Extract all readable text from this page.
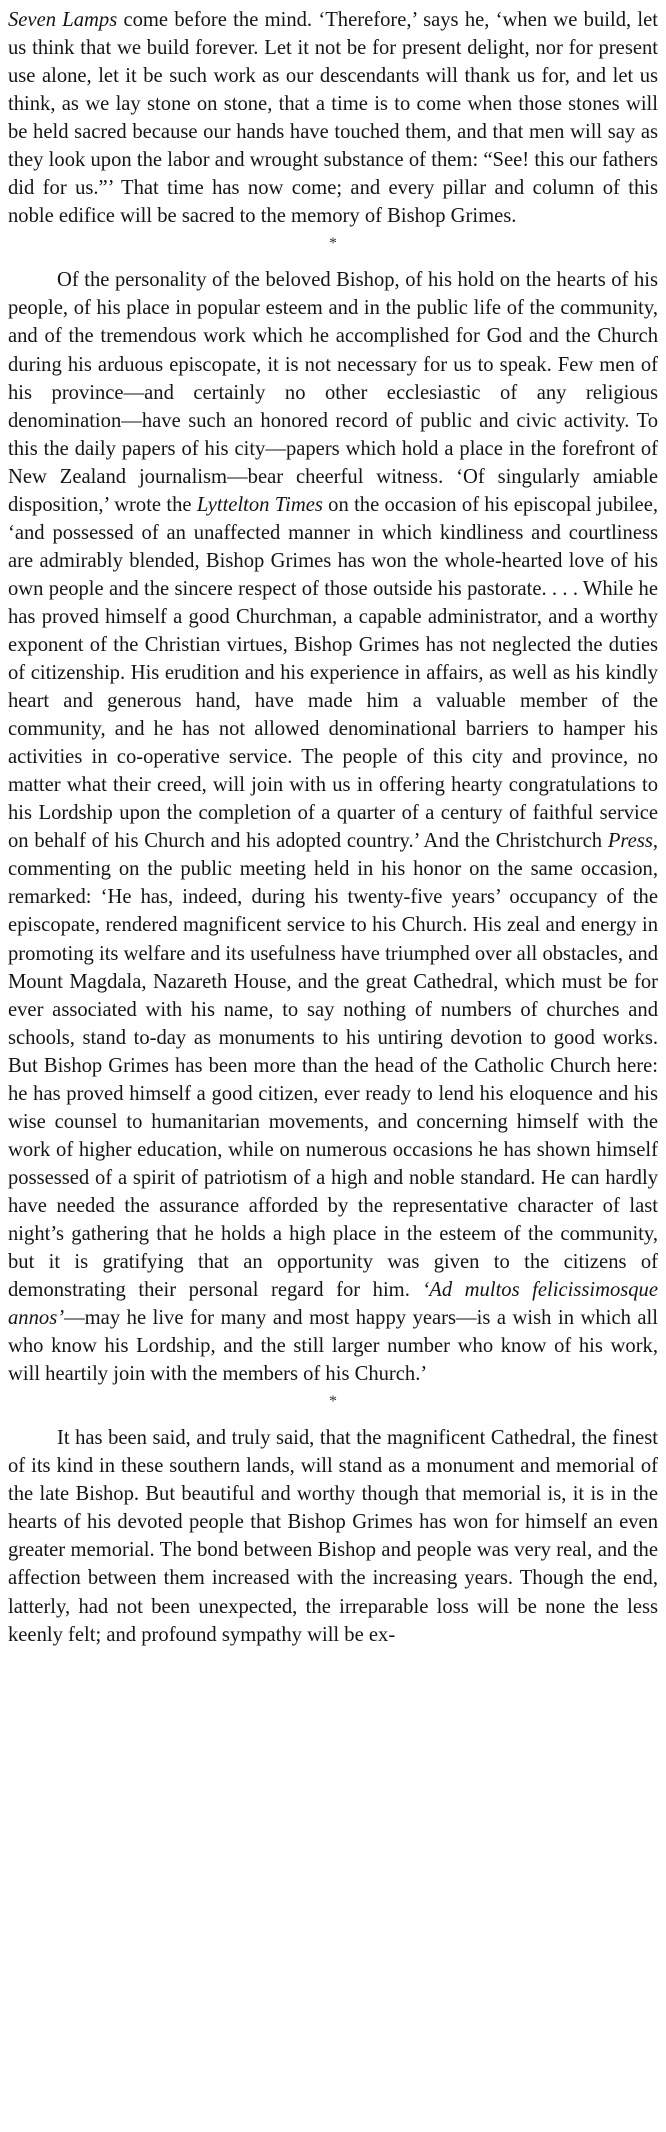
Seven Lamps come before the mind. ‘Therefore,’ says he, ‘when we build, let us think that we build forever. Let it not be for present delight, nor for present use alone, let it be such work as our descendants will thank us for, and let us think, as we lay stone on stone, that a time is to come when those stones will be held sacred because our hands have touched them, and that men will say as they look upon the labor and wrought substance of them: “See! this our fathers did for us.”’ That time has now come; and every pillar and column of this noble edifice will be sacred to the memory of Bishop Grimes.

*

Of the personality of the beloved Bishop, of his hold on the hearts of his people, of his place in popular esteem and in the public life of the community, and of the tremendous work which he accomplished for God and the Church during his arduous episcopate, it is not necessary for us to speak. Few men of his province—and certainly no other ecclesiastic of any religious denomination—have such an honored record of public and civic activity. To this the daily papers of his city—papers which hold a place in the forefront of New Zealand journalism—bear cheerful witness. ‘Of singularly amiable disposition,’ wrote the Lyttelton Times on the occasion of his episcopal jubilee, ‘and possessed of an unaffected manner in which kindliness and courtliness are admirably blended, Bishop Grimes has won the whole-hearted love of his own people and the sincere respect of those outside his pastorate. . . . While he has proved himself a good Churchman, a capable administrator, and a worthy exponent of the Christian virtues, Bishop Grimes has not neglected the duties of citizenship. His erudition and his experience in affairs, as well as his kindly heart and generous hand, have made him a valuable member of the community, and he has not allowed denominational barriers to hamper his activities in co-operative service. The people of this city and province, no matter what their creed, will join with us in offering hearty congratulations to his Lordship upon the completion of a quarter of a century of faithful service on behalf of his Church and his adopted country.’ And the Christchurch Press, commenting on the public meeting held in his honor on the same occasion, remarked: ‘He has, indeed, during his twenty-five years’ occupancy of the episcopate, rendered magnificent service to his Church. His zeal and energy in promoting its welfare and its usefulness have triumphed over all obstacles, and Mount Magdala, Nazareth House, and the great Cathedral, which must be for ever associated with his name, to say nothing of numbers of churches and schools, stand to-day as monuments to his untiring devotion to good works. But Bishop Grimes has been more than the head of the Catholic Church here: he has proved himself a good citizen, ever ready to lend his eloquence and his wise counsel to humanitarian movements, and concerning himself with the work of higher education, while on numerous occasions he has shown himself possessed of a spirit of patriotism of a high and noble standard. He can hardly have needed the assurance afforded by the representative character of last night’s gathering that he holds a high place in the esteem of the community, but it is gratifying that an opportunity was given to the citizens of demonstrating their personal regard for him. ‘Ad multos felicissimosque annos’—may he live for many and most happy years—is a wish in which all who know his Lordship, and the still larger number who know of his work, will heartily join with the members of his Church.’

*

It has been said, and truly said, that the magnificent Cathedral, the finest of its kind in these southern lands, will stand as a monument and memorial of the late Bishop. But beautiful and worthy though that memorial is, it is in the hearts of his devoted people that Bishop Grimes has won for himself an even greater memorial. The bond between Bishop and people was very real, and the affection between them increased with the increasing years. Though the end, latterly, had not been unexpected, the irreparable loss will be none the less keenly felt; and profound sympathy will be ex-
